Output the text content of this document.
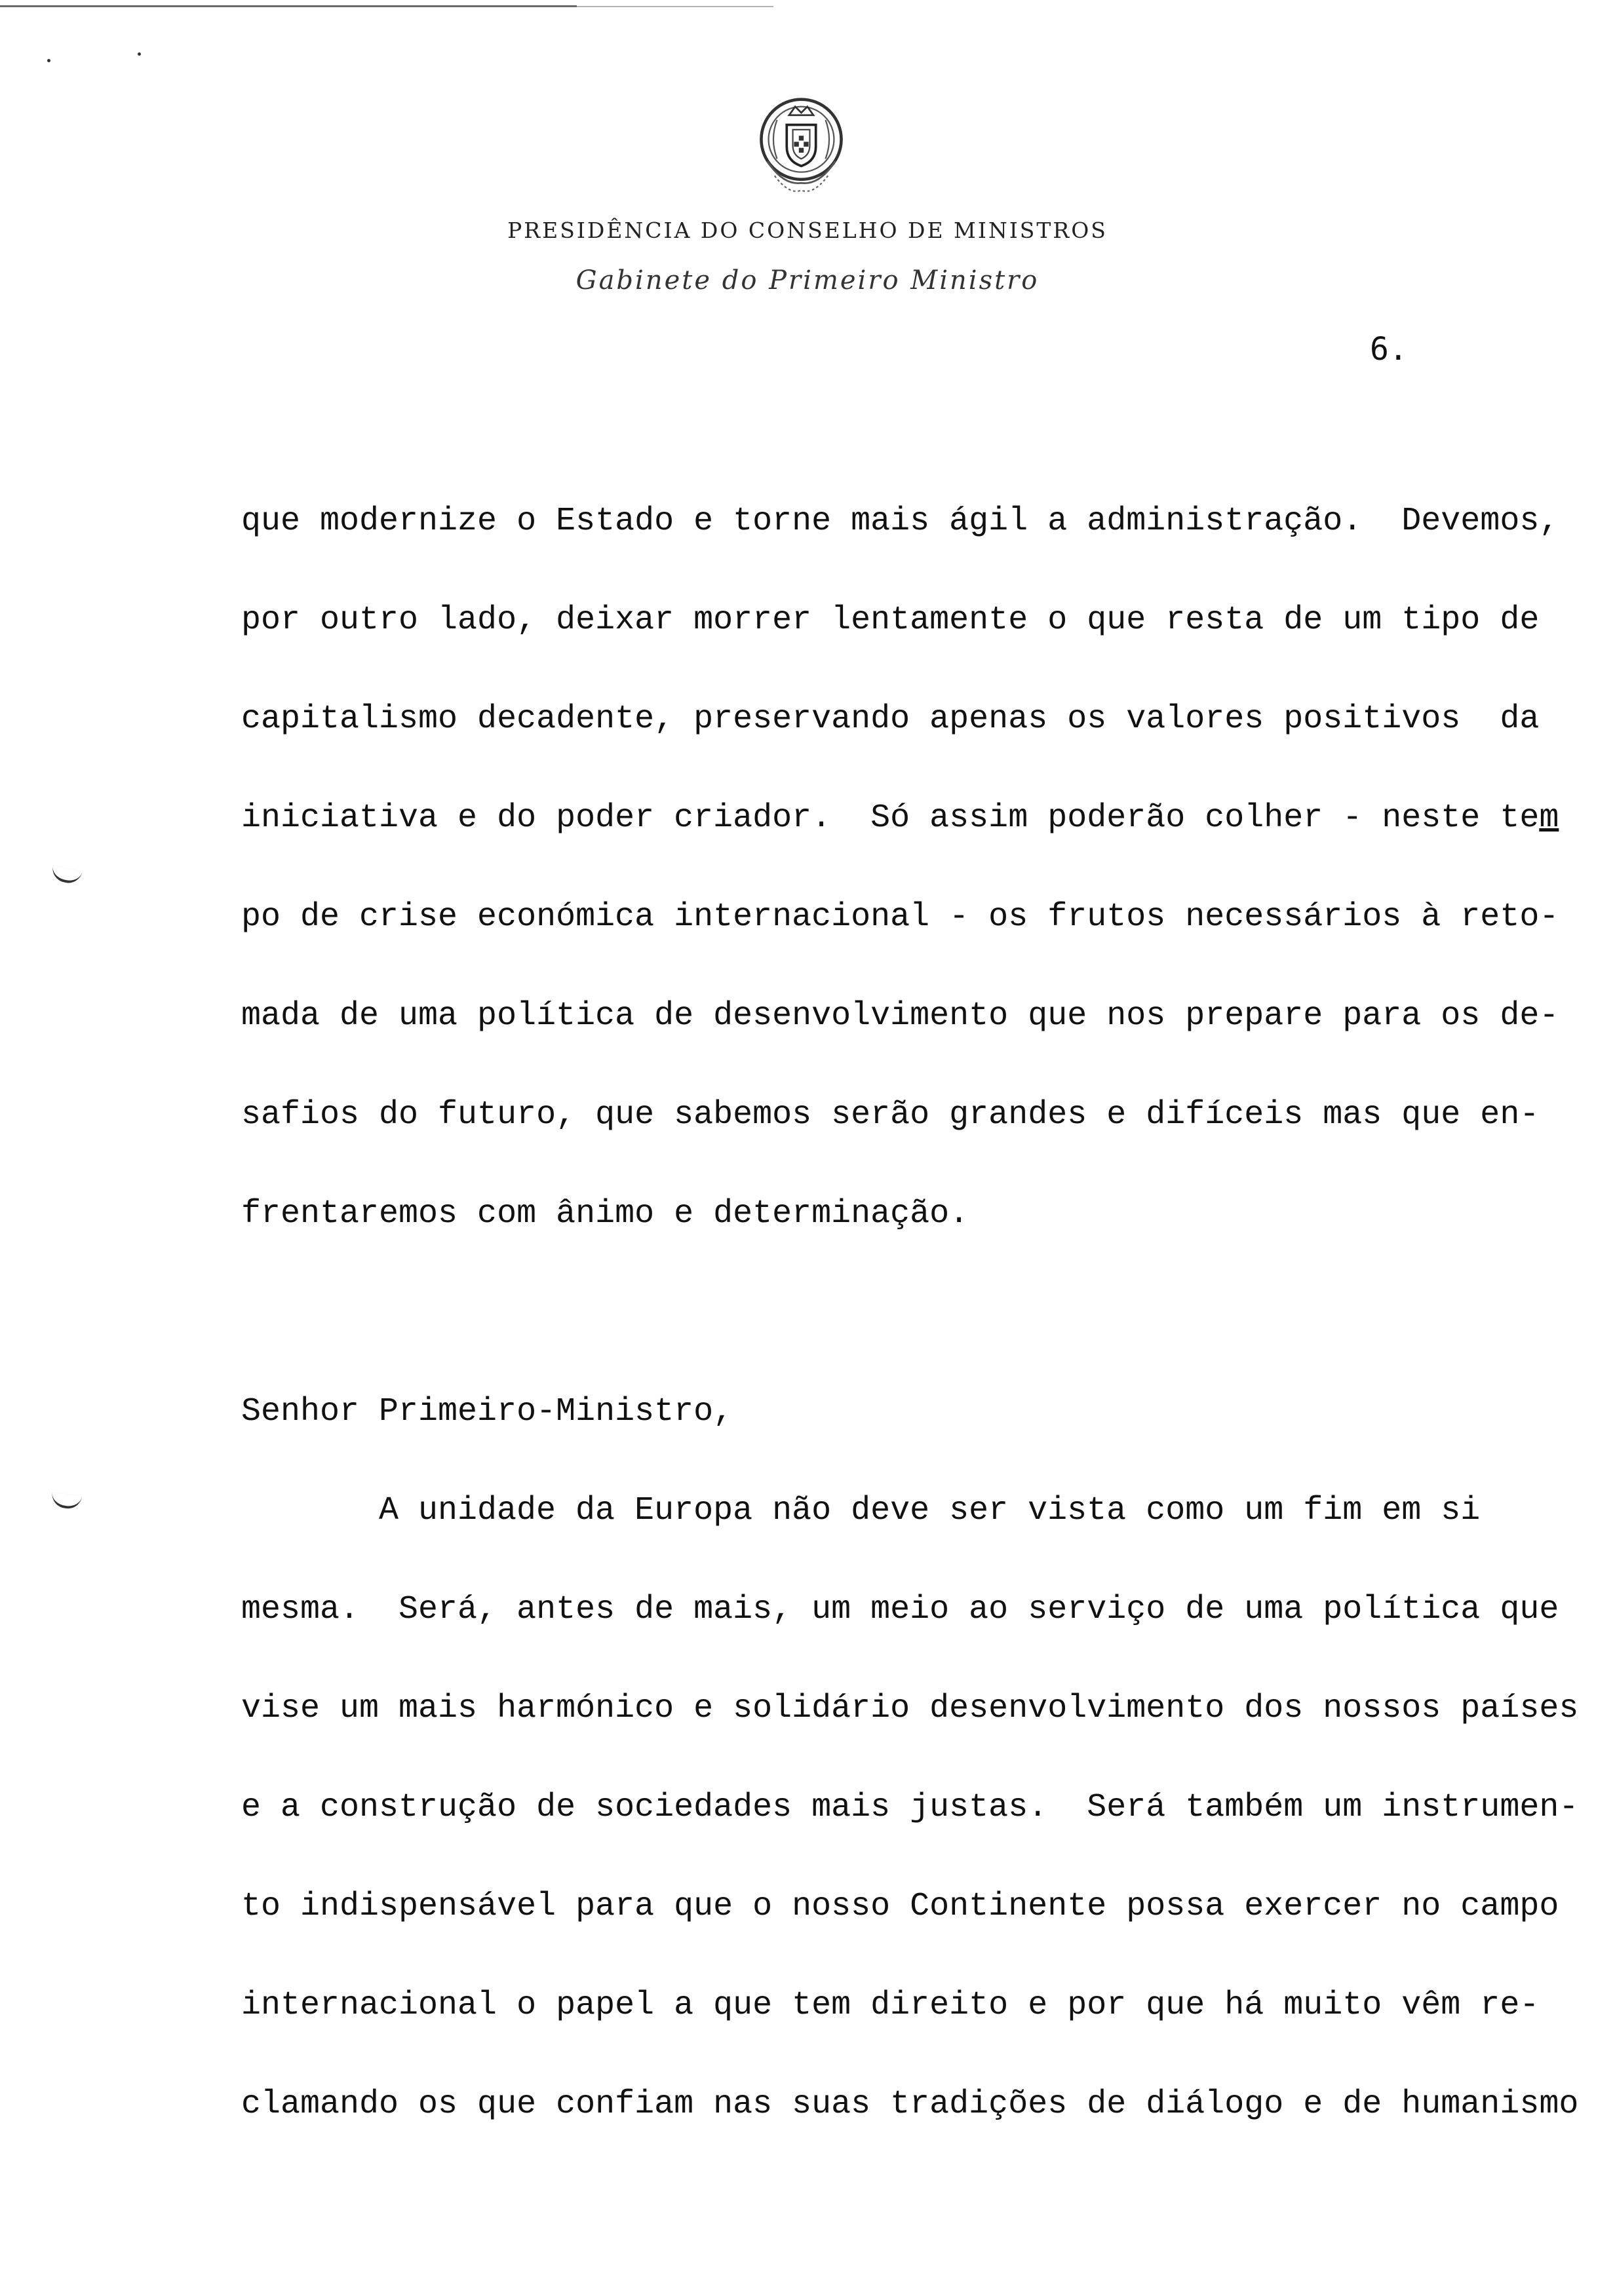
PRESIDÊNCIA DO CONSELHO DE MINISTROS
Gabinete do Primeiro Ministro
6.
que modernize o Estado e torne mais ágil a administração.  Devemos,
por outro lado, deixar morrer lentamente o que resta de um tipo de
capitalismo decadente, preservando apenas os valores positivos  da
iniciativa e do poder criador.  Só assim poderão colher - neste tem
po de crise económica internacional - os frutos necessários à reto-
mada de uma política de desenvolvimento que nos prepare para os de-
safios do futuro, que sabemos serão grandes e difíceis mas que en-
frentaremos com ânimo e determinação.
Senhor Primeiro-Ministro,
A unidade da Europa não deve ser vista como um fim em si
mesma.  Será, antes de mais, um meio ao serviço de uma política que
vise um mais harmónico e solidário desenvolvimento dos nossos países
e a construção de sociedades mais justas.  Será também um instrumen-
to indispensável para que o nosso Continente possa exercer no campo
internacional o papel a que tem direito e por que há muito vêm re-
clamando os que confiam nas suas tradições de diálogo e de humanismo
